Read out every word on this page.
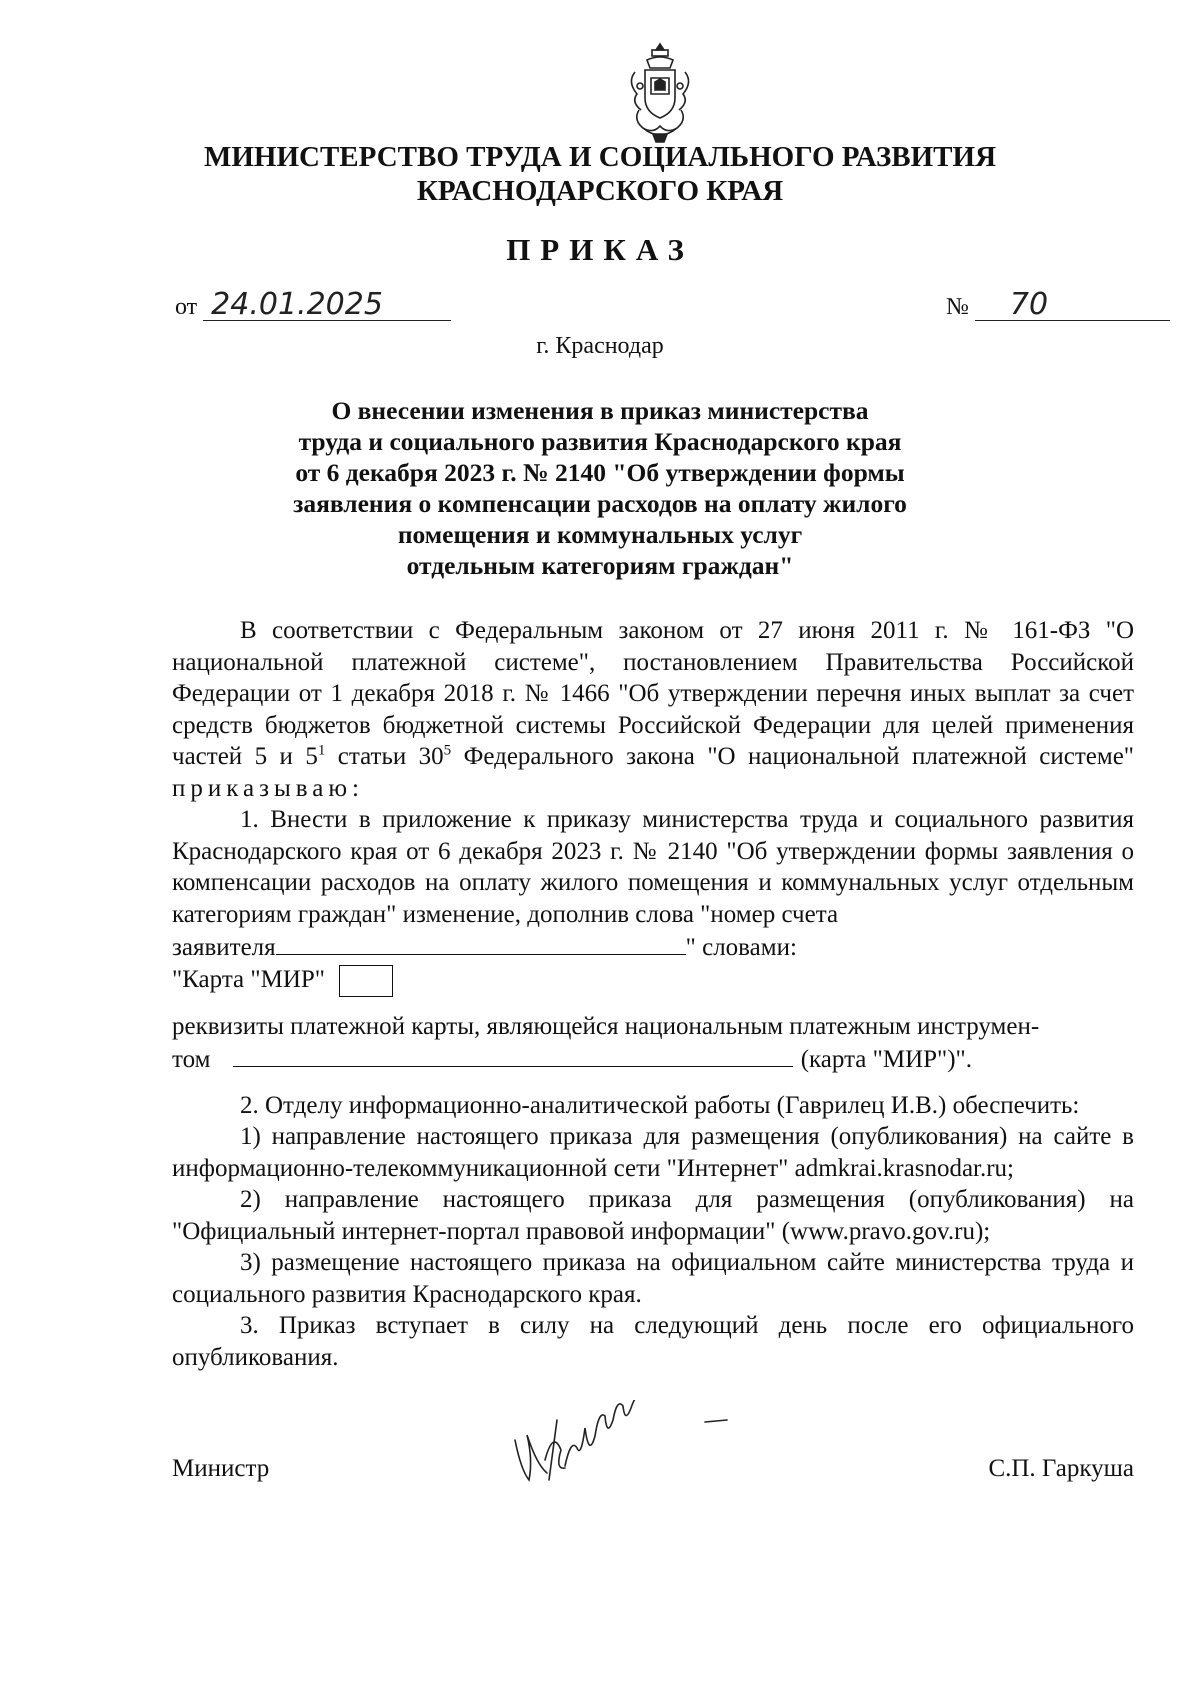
МИНИСТЕРСТВО ТРУДА И СОЦИАЛЬНОГО РАЗВИТИЯ
КРАСНОДАРСКОГО КРАЯ
ПРИКАЗ
от 24.01.2025	№ 70
г. Краснодар
О внесении изменения в приказ министерства
труда и социального развития Краснодарского края
от 6 декабря 2023 г. № 2140 "Об утверждении формы
заявления о компенсации расходов на оплату жилого
помещения и коммунальных услуг
отдельным категориям граждан"

В соответствии с Федеральным законом от 27 июня 2011 г. № 161-ФЗ "О национальной платежной системе", постановлением Правительства Российской Федерации от 1 декабря 2018 г. № 1466 "Об утверждении перечня иных выплат за счет средств бюджетов бюджетной системы Российской Федерации для целей применения частей 5 и $5^1$ статьи $30^5$ Федерального закона "О национальной платежной системе" приказываю:

1. Внести в приложение к приказу министерства труда и социального развития Краснодарского края от 6 декабря 2023 г. № 2140 "Об утверждении формы заявления о компенсации расходов на оплату жилого помещения и коммунальных услуг отдельным категориям граждан" изменение, дополнив слова "номер счета

заявителя	" словами:

"Карта "МИР"

реквизиты платежной карты, являющейся национальным платежным инструмен-

том	(карта "МИР")".

2. Отделу информационно-аналитической работы (Гаврилец И.В.) обеспечить:

1) направление настоящего приказа для размещения (опубликования) на сайте в информационно-телекоммуникационной сети "Интернет" admkrai.krasnodar.ru;

2) направление настоящего приказа для размещения (опубликования) на "Официальный интернет-портал правовой информации" (www.pravo.gov.ru);

3) размещение настоящего приказа на официальном сайте министерства труда и социального развития Краснодарского края.

3. Приказ вступает в силу на следующий день после его официального опубликования.

Министр	С.П. Гаркуша
